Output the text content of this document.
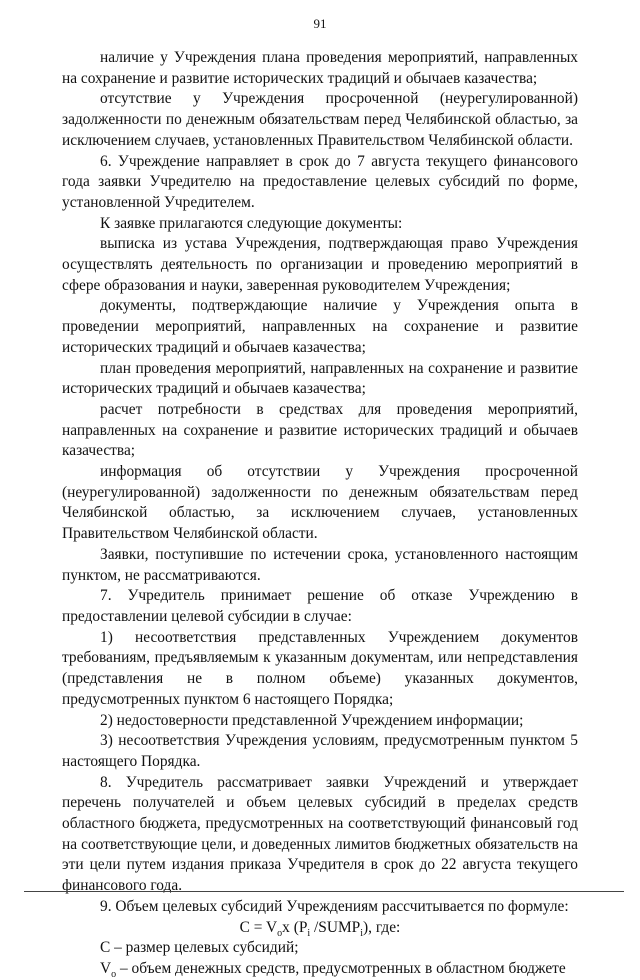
91

наличие у Учреждения плана проведения мероприятий, направленных на сохранение и развитие исторических традиций и обычаев казачества;

отсутствие у Учреждения просроченной (неурегулированной) задолженности по денежным обязательствам перед Челябинской областью, за исключением случаев, установленных Правительством Челябинской области.

6. Учреждение направляет в срок до 7 августа текущего финансового года заявки Учредителю на предоставление целевых субсидий по форме, установленной Учредителем.

К заявке прилагаются следующие документы:

выписка из устава Учреждения, подтверждающая право Учреждения осуществлять деятельность по организации и проведению мероприятий в сфере образования и науки, заверенная руководителем Учреждения;

документы, подтверждающие наличие у Учреждения опыта в проведении мероприятий, направленных на сохранение и развитие исторических традиций и обычаев казачества;

план проведения мероприятий, направленных на сохранение и развитие исторических традиций и обычаев казачества;

расчет потребности в средствах для проведения мероприятий, направленных на сохранение и развитие исторических традиций и обычаев казачества;

информация об отсутствии у Учреждения просроченной (неурегулированной) задолженности по денежным обязательствам перед Челябинской областью, за исключением случаев, установленных Правительством Челябинской области.

Заявки, поступившие по истечении срока, установленного настоящим пунктом, не рассматриваются.

7. Учредитель принимает решение об отказе Учреждению в предоставлении целевой субсидии в случае:

1) несоответствия представленных Учреждением документов требованиям, предъявляемым к указанным документам, или непредставления (представления не в полном объеме) указанных документов, предусмотренных пунктом 6 настоящего Порядка;

2) недостоверности представленной Учреждением информации;

3) несоответствия Учреждения условиям, предусмотренным пунктом 5 настоящего Порядка.

8. Учредитель рассматривает заявки Учреждений и утверждает перечень получателей и объем целевых субсидий в пределах средств областного бюджета, предусмотренных на соответствующий финансовый год на соответствующие цели, и доведенных лимитов бюджетных обязательств на эти цели путем издания приказа Учредителя в срок до 22 августа текущего финансового года.

9. Объем целевых субсидий Учреждениям рассчитывается по формуле:

$C = V_ox$ ($P_i$ $/SUMP_i$), где:

C – размер целевых субсидий;

$V_о$ – объем денежных средств, предусмотренных в областном бюджете
